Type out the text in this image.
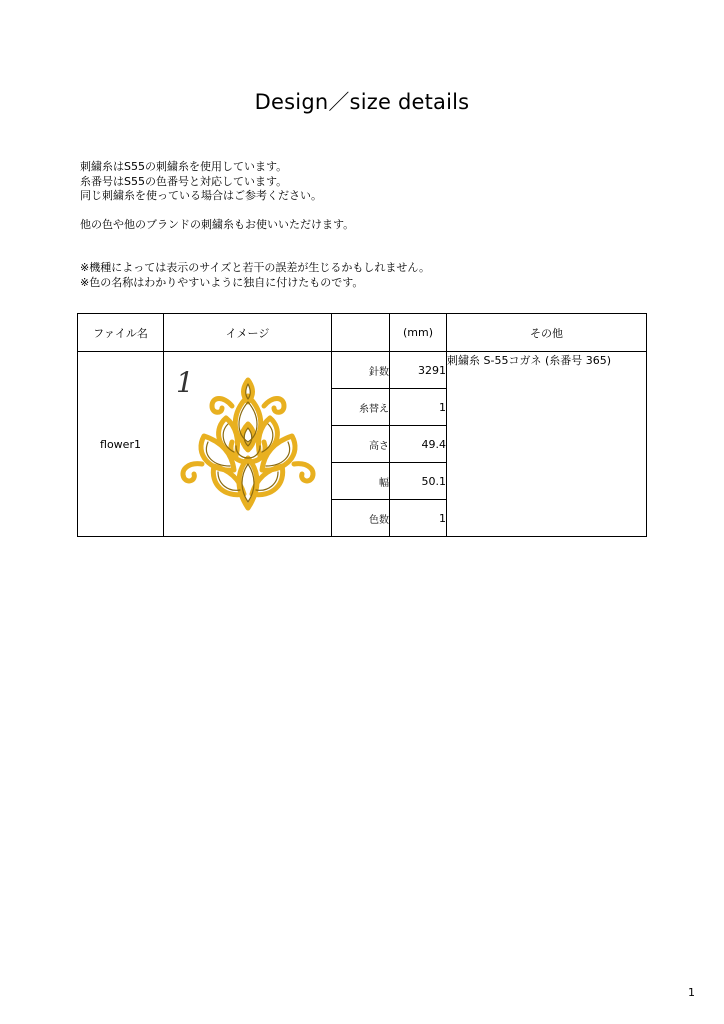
Design／size details
刺繍糸はS55の刺繍糸を使用しています。
糸番号はS55の色番号と対応しています。
同じ刺繍糸を使っている場合はご参考ください。
他の色や他のブランドの刺繍糸もお使いいただけます。
※機種によっては表示のサイズと若干の誤差が生じるかもしれません。
※色の名称はわかりやすいように独自に付けたものです。
ファイル名	イメージ		(mm)	その他
flower1	1	針数	3291	刺繍糸 S-55コガネ (糸番号 365)
		糸替え	1	
		高さ	49.4	
		幅	50.1	
		色数	1	
1
